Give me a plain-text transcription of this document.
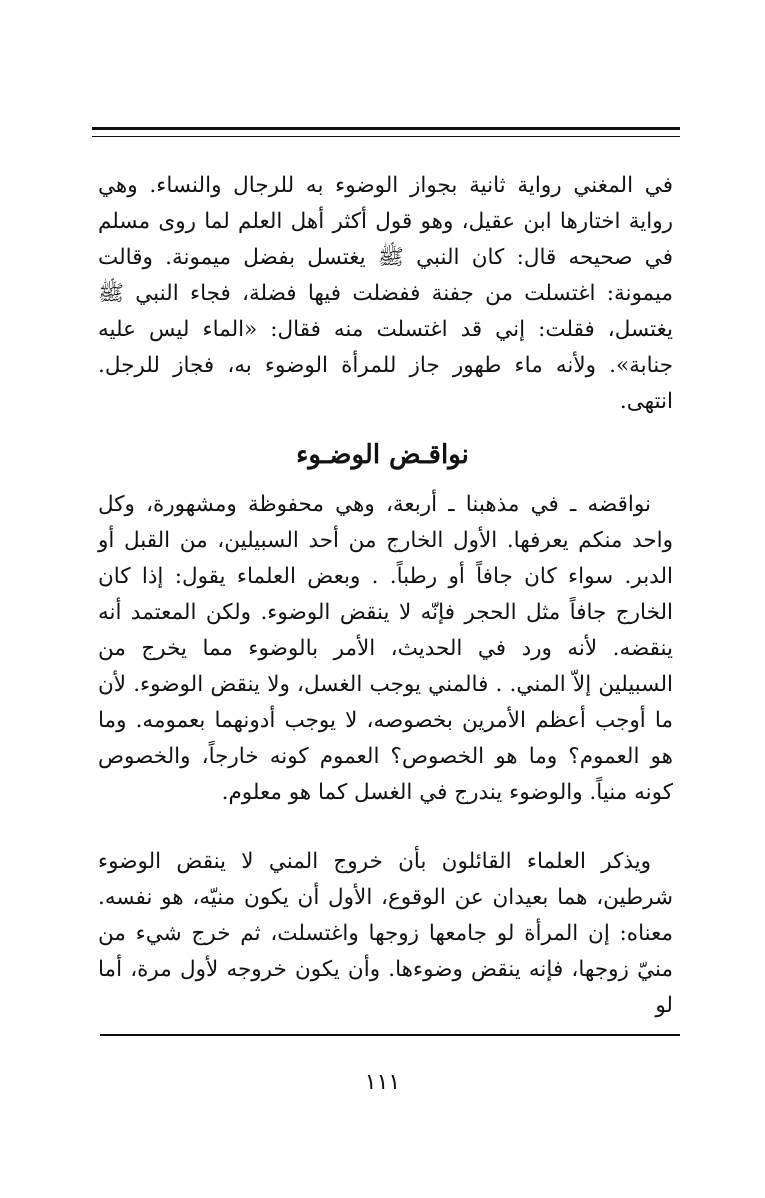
في المغني رواية ثانية بجواز الوضوء به للرجال والنساء. وهي رواية اختارها ابن عقيل، وهو قول أكثر أهل العلم لما روى مسلم في صحيحه قال: كان النبي ﷺ يغتسل بفضل ميمونة. وقالت ميمونة: اغتسلت من جفنة ففضلت فيها فضلة، فجاء النبي ﷺ يغتسل، فقلت: إني قد اغتسلت منه فقال: «الماء ليس عليه جنابة». ولأنه ماء طهور جاز للمرأة الوضوء به، فجاز للرجل. انتهى.

نواقـض الوضـوء

نواقضه ـ في مذهبنا ـ أربعة، وهي محفوظة ومشهورة، وكل واحد منكم يعرفها. الأول الخارج من أحد السبيلين، من القبل أو الدبر. سواء كان جافاً أو رطباً. . وبعض العلماء يقول: إذا كان الخارج جافاً مثل الحجر فإنّه لا ينقض الوضوء. ولكن المعتمد أنه ينقضه. لأنه ورد في الحديث، الأمر بالوضوء مما يخرج من السبيلين إلاّ المني. . فالمني يوجب الغسل، ولا ينقض الوضوء. لأن ما أوجب أعظم الأمرين بخصوصه، لا يوجب أدونهما بعمومه. وما هو العموم؟ وما هو الخصوص؟ العموم كونه خارجاً، والخصوص كونه منياً. والوضوء يندرج في الغسل كما هو معلوم.

ويذكر العلماء القائلون بأن خروج المني لا ينقض الوضوء شرطين، هما بعيدان عن الوقوع، الأول أن يكون منيّه، هو نفسه. معناه: إن المرأة لو جامعها زوجها واغتسلت، ثم خرج شيء من منيّ زوجها، فإنه ينقض وضوءها. وأن يكون خروجه لأول مرة، أما لو

١١١
